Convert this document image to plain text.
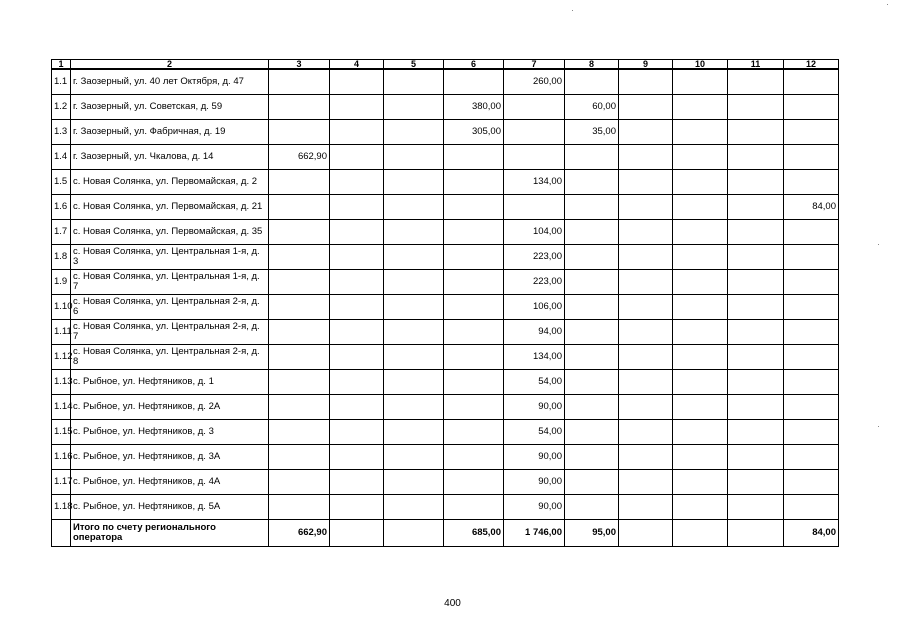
1	2	3	4	5	6	7	8	9	10	11	12
1.1	г. Заозерный, ул. 40 лет Октября, д. 47					260,00					
1.2	г. Заозерный, ул. Советская, д. 59				380,00		60,00				
1.3	г. Заозерный, ул. Фабричная, д. 19				305,00		35,00				
1.4	г. Заозерный, ул. Чкалова, д. 14	662,90									
1.5	с. Новая Солянка, ул. Первомайская, д. 2					134,00					
1.6	с. Новая Солянка, ул. Первомайская, д. 21										84,00
1.7	с. Новая Солянка, ул. Первомайская, д. 35					104,00					
1.8	с. Новая Солянка, ул. Центральная 1-я, д. 3					223,00					
1.9	с. Новая Солянка, ул. Центральная 1-я, д. 7					223,00					
1.10	с. Новая Солянка, ул. Центральная 2-я, д. 6					106,00					
1.11	с. Новая Солянка, ул. Центральная 2-я, д. 7					94,00					
1.12	с. Новая Солянка, ул. Центральная 2-я, д. 8					134,00					
1.13	с. Рыбное, ул. Нефтяников, д. 1					54,00					
1.14	с. Рыбное, ул. Нефтяников, д. 2А					90,00					
1.15	с. Рыбное, ул. Нефтяников, д. 3					54,00					
1.16	с. Рыбное, ул. Нефтяников, д. 3А					90,00					
1.17	с. Рыбное, ул. Нефтяников, д. 4А					90,00					
1.18	с. Рыбное, ул. Нефтяников, д. 5А					90,00					
	Итого по счету регионального оператора	662,90			685,00	1 746,00	95,00				84,00
400
